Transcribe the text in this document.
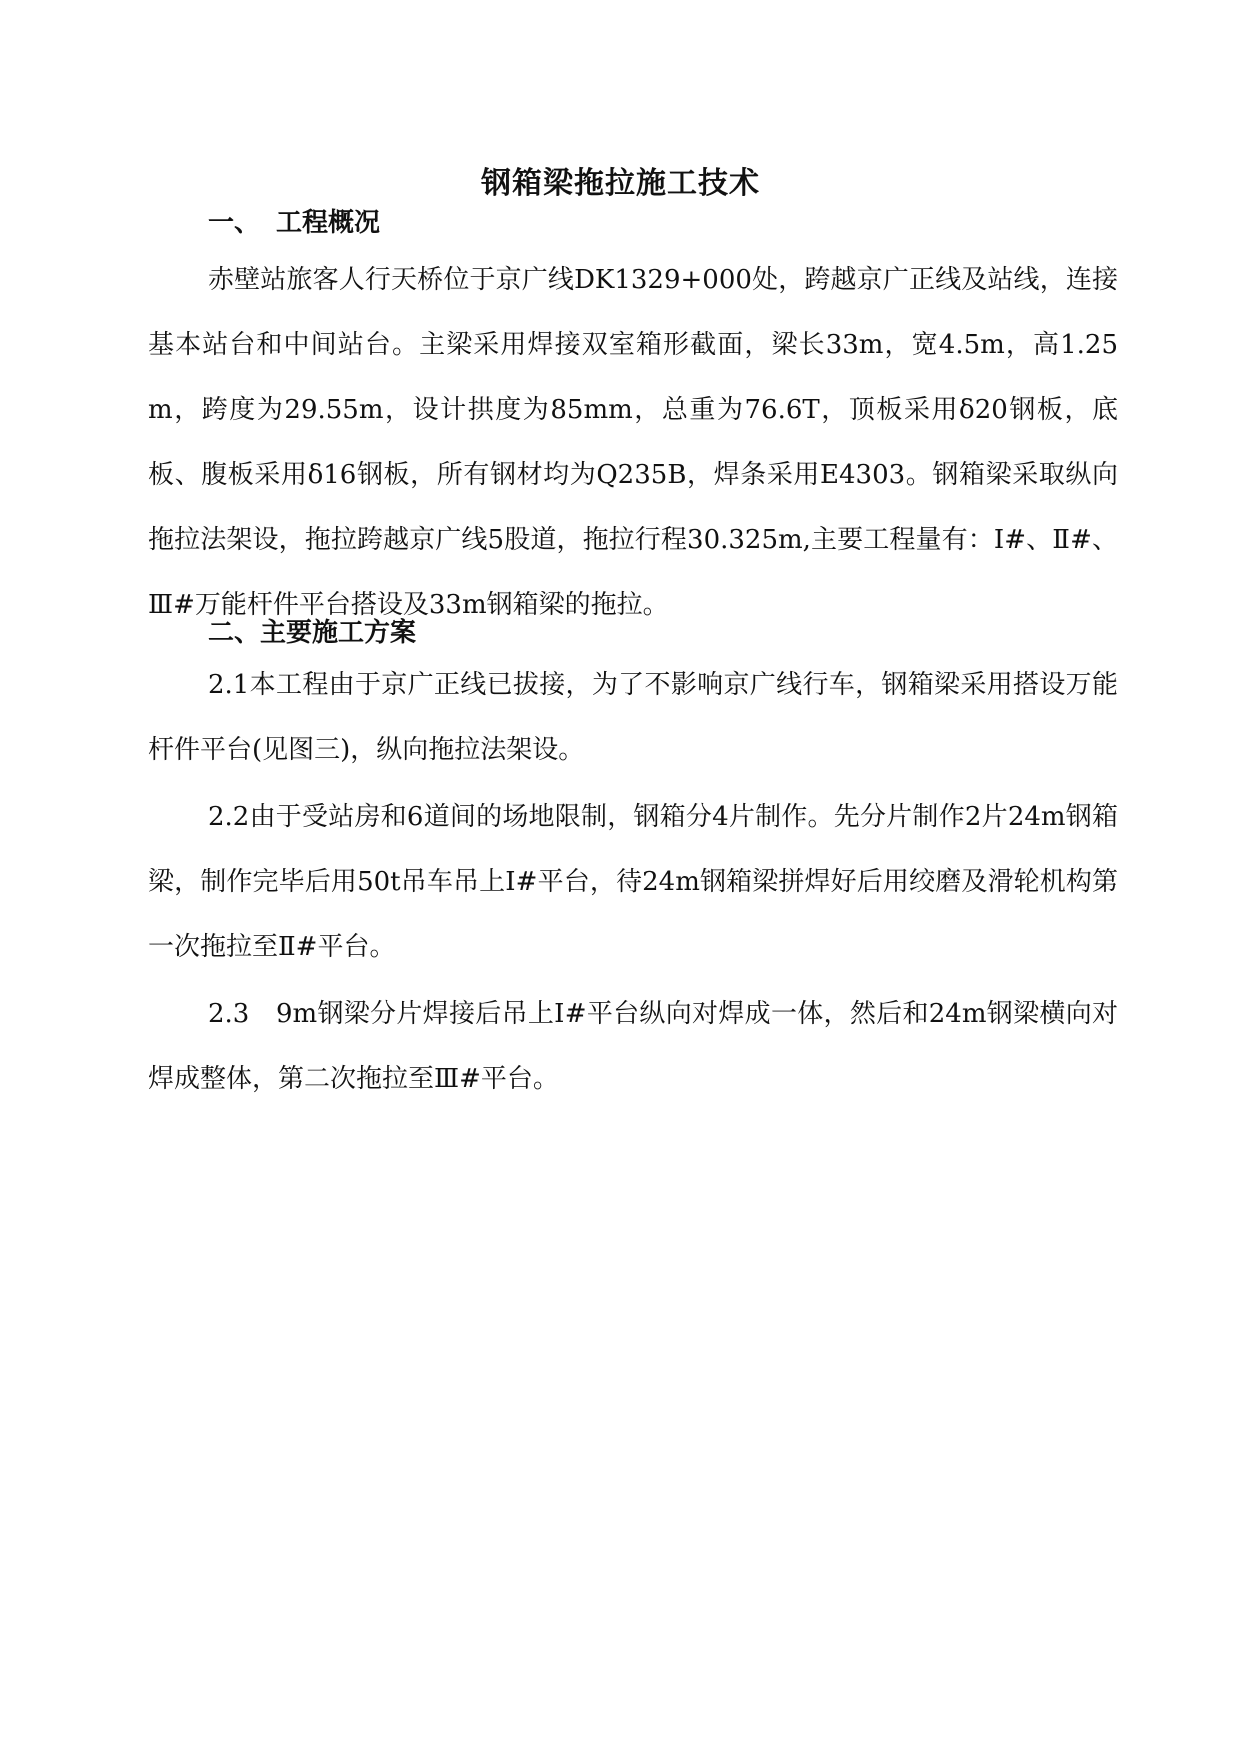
钢箱梁拖拉施工技术
一、 工程概况

赤壁站旅客人行天桥位于京广线DK1329+000处，跨越京广正线及站线，连接基本站台和中间站台。主梁采用焊接双室箱形截面，梁长33m，宽4.5m，高1.25m，跨度为29.55m，设计拱度为85mm，总重为76.6T，顶板采用δ20钢板，底板、腹板采用δ16钢板，所有钢材均为Q235B，焊条采用E4303。钢箱梁采取纵向拖拉法架设，拖拉跨越京广线5股道，拖拉行程30.325m,主要工程量有：Ⅰ#、Ⅱ#、Ⅲ#万能杆件平台搭设及33m钢箱梁的拖拉。

二、主要施工方案

2.1本工程由于京广正线已拔接，为了不影响京广线行车，钢箱梁采用搭设万能杆件平台(见图三)，纵向拖拉法架设。

2.2由于受站房和6道间的场地限制，钢箱分4片制作。先分片制作2片24m钢箱梁，制作完毕后用50t吊车吊上Ⅰ#平台，待24m钢箱梁拼焊好后用绞磨及滑轮机构第一次拖拉至Ⅱ#平台。

2.3　9m钢梁分片焊接后吊上Ⅰ#平台纵向对焊成一体，然后和24m钢梁横向对焊成整体，第二次拖拉至Ⅲ#平台。
